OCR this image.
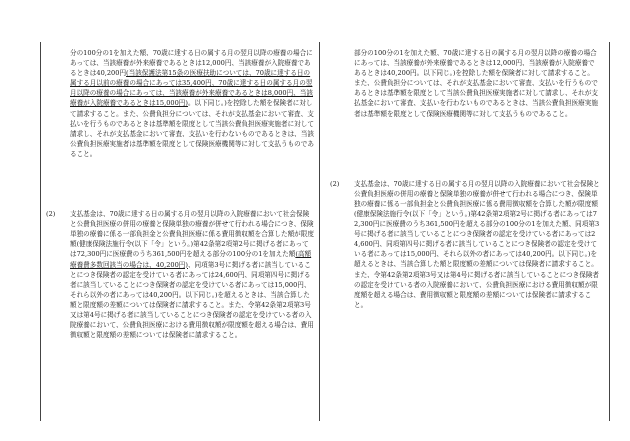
分の100分の1を加えた額、70歳に達する日の属する月の翌月以降の療養の場合にあっては、当該療養が外来療養であるときは12,000円、当該療養が入院療養であるときは40,200円(当該保護法第15条の医療扶助については、70歳に達する日の属する月以前の療養の場合にあっては35,400円、70歳に達する日の属する月の翌月以降の療養の場合にあっては、当該療養が外来療養であるときは8,000円、当該療養が入院療養であるときは15,000円)。以下同じ。)を控除した額を保険者に対して請求すること。また、公費負担分については、それが支払基金において審査、支払いを行うものであるときは基準額を限度として当該公費負担医療実施者に対して請求し、それが支払基金において審査、支払いを行わないものであるときは、当該公費負担医療実施者は基準額を限度として保険医療機関等に対して支払うものであること。

(2)	支払基金は、70歳に達する日の属する月の翌月以降の入院療養において社会保険と公費負担医療の併用の療養と保険単独の療養が併せて行われる場合につき、保険単独の療養に係る一部負担金と公費負担医療に係る費用徴収額を合算した額が限度額(健康保険法施行令(以下「令」という。)第42条第2項第2号に掲げる者にあっては72,300円に医療費のうち361,500円を超える部分の100分の1を加えた額(高額療養費多数回該当の場合は、40,200円)、同項第3号に掲げる者に該当していることにつき保険者の認定を受けている者にあっては24,600円、同項第四号に掲げる者に該当していることにつき保険者の認定を受けている者にあっては15,000円、それら以外の者にあっては40,200円。以下同じ。)を超えるときは、当該合算した額と限度額の差額については保険者に請求すること。また、令第42条第2項第3号又は第4号に掲げる者に該当していることにつき保険者の認定を受けている者の入院療養において、公費負担医療における費用徴収額が限度額を超える場合は、費用徴収額と限度額の差額については保険者に請求すること。

部分の100分の1を加えた額、70歳に達する日の属する月の翌月以降の療養の場合にあっては、当該療養が外来療養であるときは12,000円、当該療養が入院療養であるときは40,200円。以下同じ。)を控除した額を保険者に対して請求すること。また、公費負担分については、それが支払基金において審査、支払いを行うものであるときは基準額を限度として当該公費負担医療実施者に対して請求し、それが支払基金において審査、支払いを行わないものであるときは、当該公費負担医療実施者は基準額を限度として保険医療機関等に対して支払うものであること。

(2)	支払基金は、70歳に達する日の属する月の翌月以降の入院療養において社会保険と公費負担医療の併用の療養と保険単独の療養が併せて行われる場合につき、保険単独の療養に係る一部負担金と公費負担医療に係る費用徴収額を合算した額が限度額(健康保険法施行令(以下「令」という。)第42条第2項第2号に掲げる者にあっては72,300円に医療費のうち361,500円を超える部分の100分の1を加えた額、同項第3号に掲げる者に該当していることにつき保険者の認定を受けている者にあっては24,600円、同項第四号に掲げる者に該当していることにつき保険者の認定を受けている者にあっては15,000円、それら以外の者にあっては40,200円。以下同じ。)を超えるときは、当該合算した額と限度額の差額については保険者に請求すること。また、令第42条第2項第3号又は第4号に掲げる者に該当していることにつき保険者の認定を受けている者の入院療養において、公費負担医療における費用徴収額が限度額を超える場合は、費用徴収額と限度額の差額については保険者に請求すること。
